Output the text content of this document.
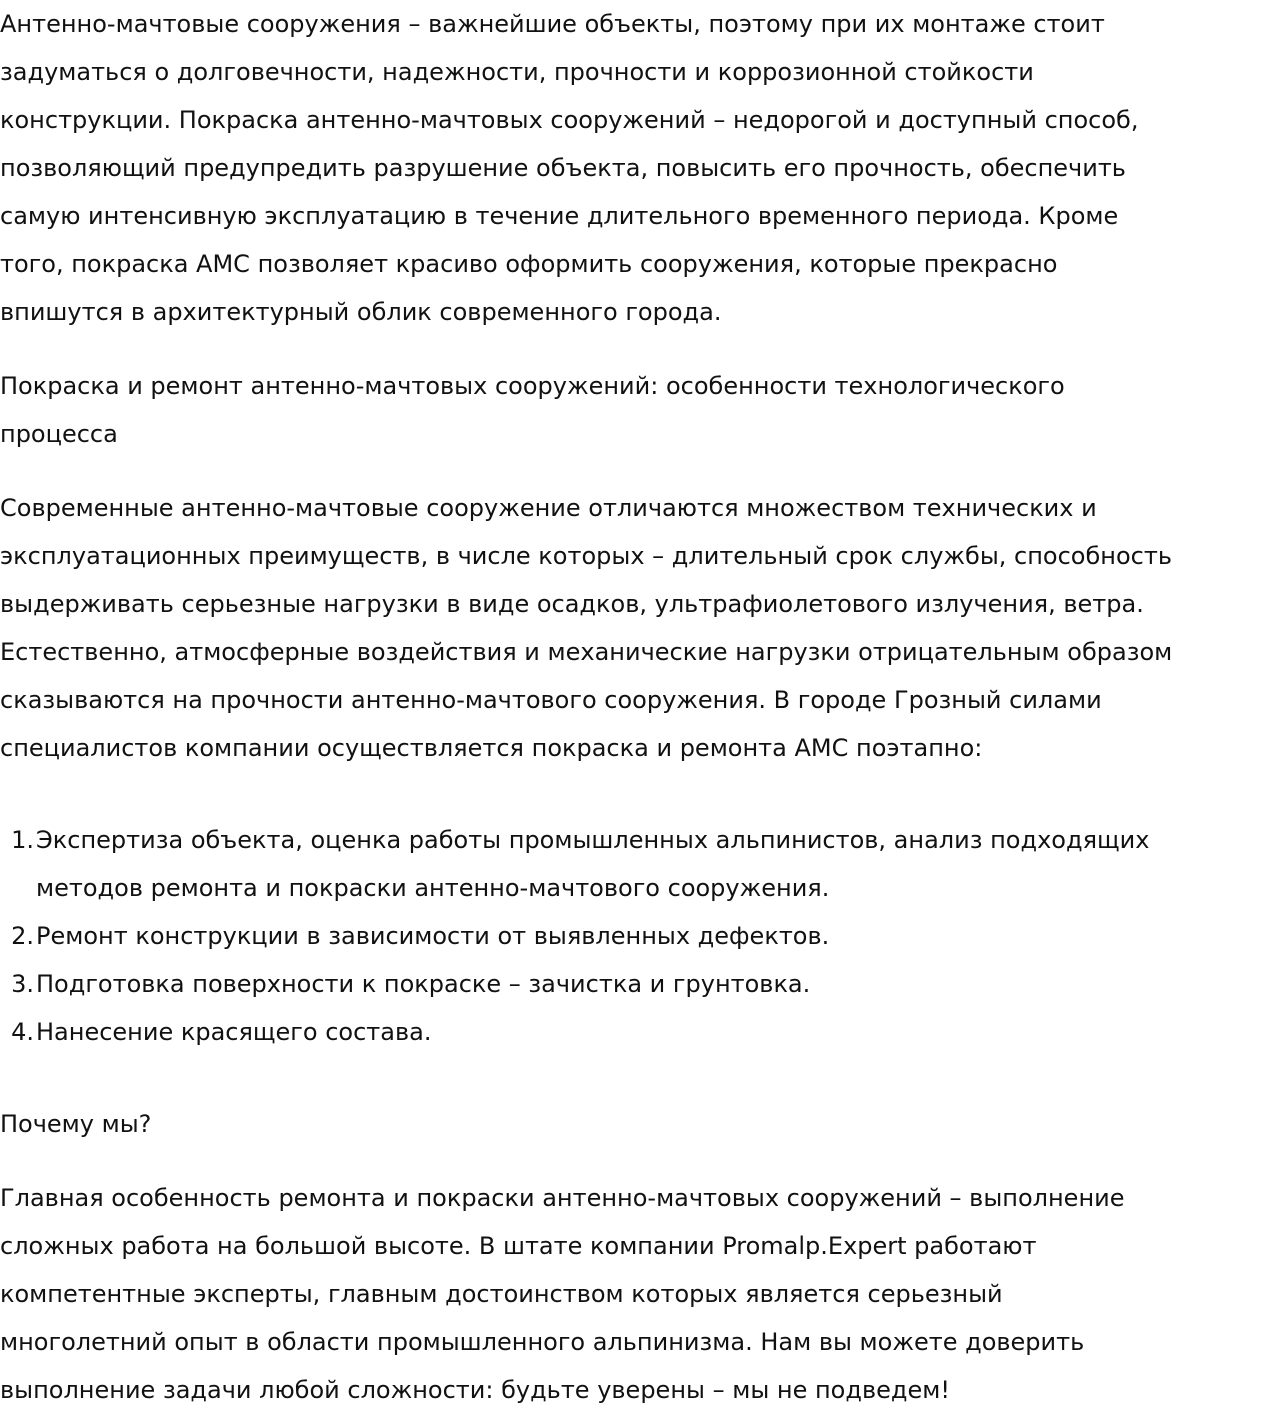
Антенно-мачтовые сооружения – важнейшие объекты, поэтому при их монтаже стоит
задуматься о долговечности, надежности, прочности и коррозионной стойкости
конструкции. Покраска антенно-мачтовых сооружений – недорогой и доступный способ,
позволяющий предупредить разрушение объекта, повысить его прочность, обеспечить
самую интенсивную эксплуатацию в течение длительного временного периода. Кроме
того, покраска АМС позволяет красиво оформить сооружения, которые прекрасно
впишутся в архитектурный облик современного города.

Покраска и ремонт антенно-мачтовых сооружений: особенности технологического
процесса

Современные антенно-мачтовые сооружение отличаются множеством технических и
эксплуатационных преимуществ, в числе которых – длительный срок службы, способность
выдерживать серьезные нагрузки в виде осадков, ультрафиолетового излучения, ветра.
Естественно, атмосферные воздействия и механические нагрузки отрицательным образом
сказываются на прочности антенно-мачтового сооружения. В городе Грозный силами
специалистов компании осуществляется покраска и ремонта АМС поэтапно:

1. Экспертиза объекта, оценка работы промышленных альпинистов, анализ подходящих
методов ремонта и покраски антенно-мачтового сооружения.
2. Ремонт конструкции в зависимости от выявленных дефектов.
3. Подготовка поверхности к покраске – зачистка и грунтовка.
4. Нанесение красящего состава.

Почему мы?

Главная особенность ремонта и покраски антенно-мачтовых сооружений – выполнение
сложных работа на большой высоте. В штате компании Promalp.Expert работают
компетентные эксперты, главным достоинством которых является серьезный
многолетний опыт в области промышленного альпинизма. Нам вы можете доверить
выполнение задачи любой сложности: будьте уверены – мы не подведем!
